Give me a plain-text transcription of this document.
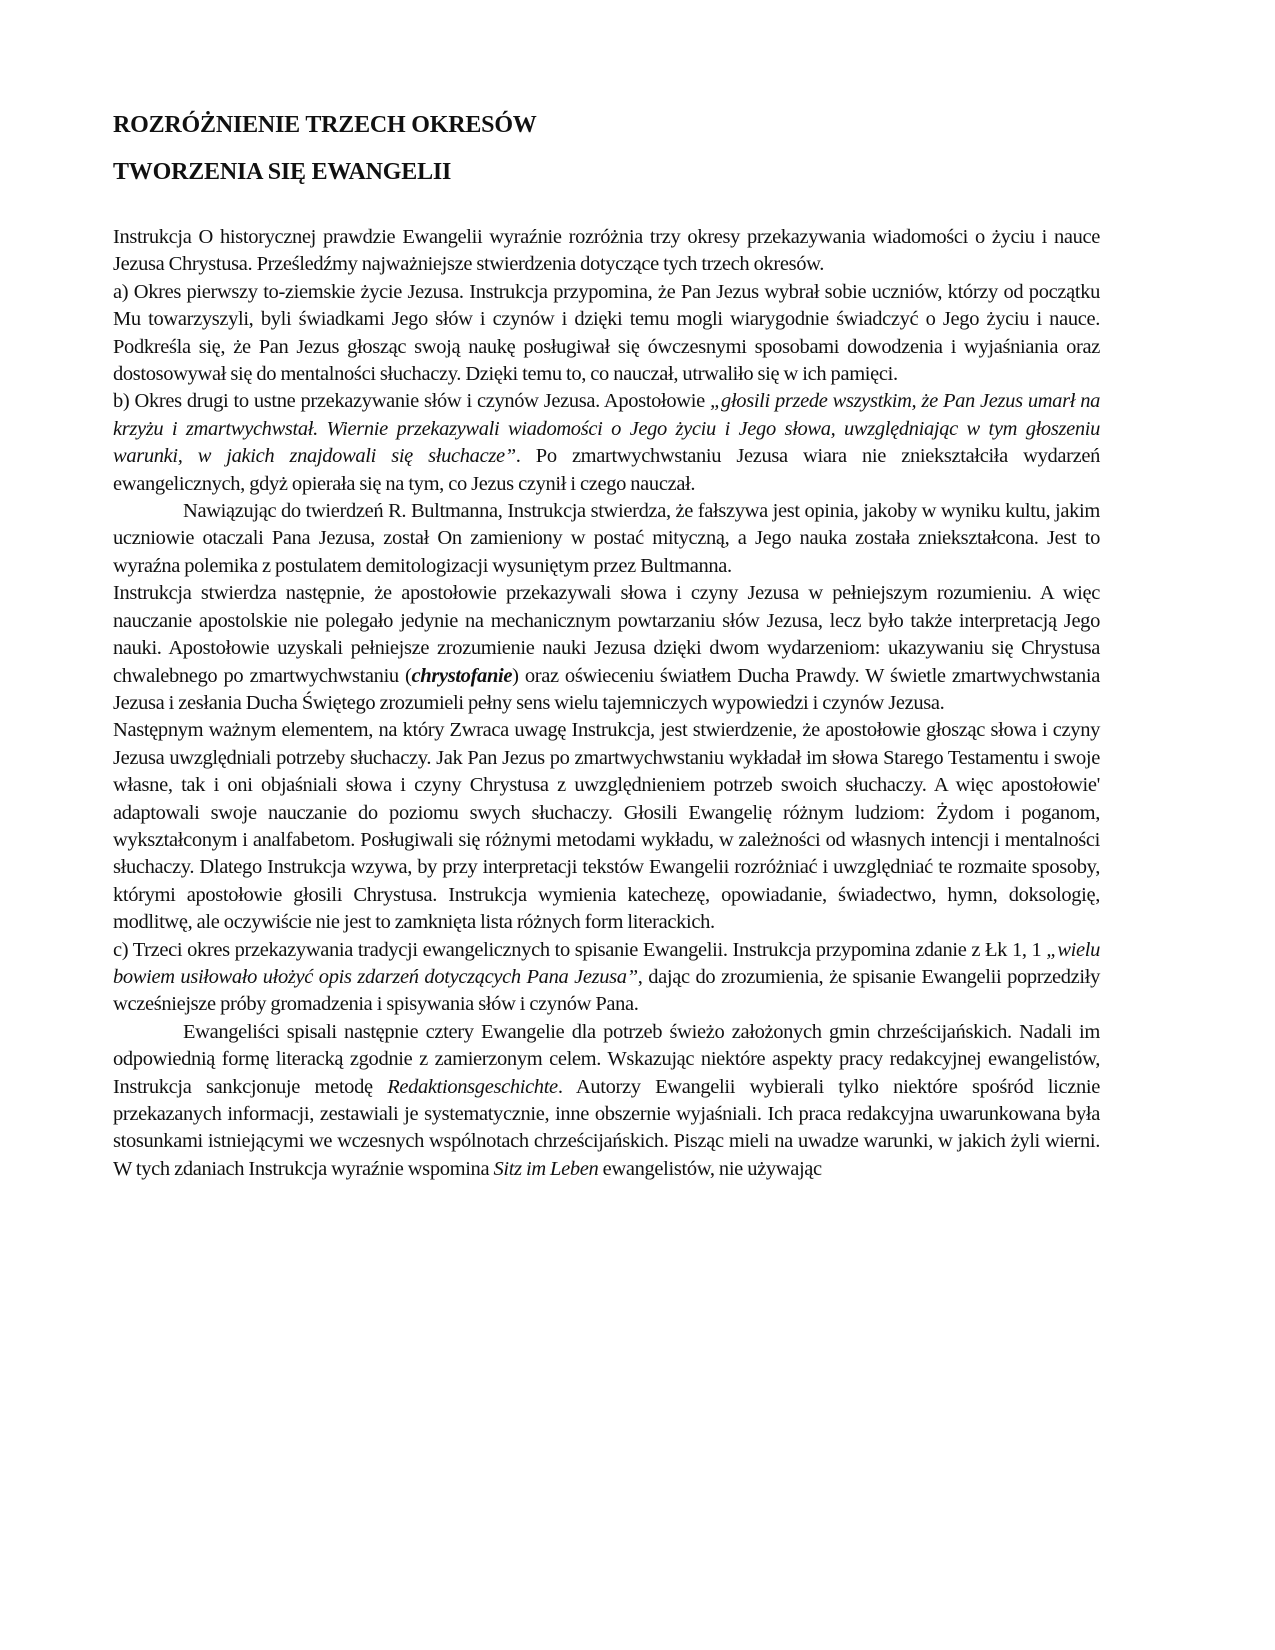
ROZRÓŻNIENIE TRZECH OKRESÓW
TWORZENIA SIĘ EWANGELII

Instrukcja O historycznej prawdzie Ewangelii wyraźnie rozróżnia trzy okresy przekazywania wiadomości o życiu i nauce Jezusa Chrystusa. Prześledźmy najważniejsze stwierdzenia dotyczące tych trzech okresów.

a) Okres pierwszy to-ziemskie życie Jezusa. Instrukcja przypomina, że Pan Jezus wybrał sobie uczniów, którzy od początku Mu towarzyszyli, byli świadkami Jego słów i czynów i dzięki temu mogli wiarygodnie świadczyć o Jego życiu i nauce. Podkreśla się, że Pan Jezus głosząc swoją naukę posługiwał się ówczesnymi sposobami dowodzenia i wyjaśniania oraz dostosowywał się do mentalności słuchaczy. Dzięki temu to, co nauczał, utrwaliło się w ich pamięci.

b) Okres drugi to ustne przekazywanie słów i czynów Jezusa. Apostołowie „głosili przede wszystkim, że Pan Jezus umarł na krzyżu i zmartwychwstał. Wiernie przekazywali wiadomości o Jego życiu i Jego słowa, uwzględniając w tym głoszeniu warunki, w jakich znajdowali się słuchacze”. Po zmartwychwstaniu Jezusa wiara nie zniekształciła wydarzeń ewangelicznych, gdyż opierała się na tym, co Jezus czynił i czego nauczał.

Nawiązując do twierdzeń R. Bultmanna, Instrukcja stwierdza, że fałszywa jest opinia, jakoby w wyniku kultu, jakim uczniowie otaczali Pana Jezusa, został On zamieniony w postać mityczną, a Jego nauka została zniekształcona. Jest to wyraźna polemika z postulatem demitologizacji wysuniętym przez Bultmanna.

Instrukcja stwierdza następnie, że apostołowie przekazywali słowa i czyny Jezusa w pełniejszym rozumieniu. A więc nauczanie apostolskie nie polegało jedynie na mechanicznym powtarzaniu słów Jezusa, lecz było także interpretacją Jego nauki. Apostołowie uzyskali pełniejsze zrozumienie nauki Jezusa dzięki dwom wydarzeniom: ukazywaniu się Chrystusa chwalebnego po zmartwychwstaniu (chrystofanie) oraz oświeceniu światłem Ducha Prawdy. W świetle zmartwychwstania Jezusa i zesłania Ducha Świętego zrozumieli pełny sens wielu tajemniczych wypowiedzi i czynów Jezusa.

Następnym ważnym elementem, na który Zwraca uwagę Instrukcja, jest stwierdzenie, że apostołowie głosząc słowa i czyny Jezusa uwzględniali potrzeby słuchaczy. Jak Pan Jezus po zmartwychwstaniu wykładał im słowa Starego Testamentu i swoje własne, tak i oni objaśniali słowa i czyny Chrystusa z uwzględnieniem potrzeb swoich słuchaczy. A więc apostołowie' adaptowali swoje nauczanie do poziomu swych słuchaczy. Głosili Ewangelię różnym ludziom: Żydom i poganom, wykształconym i analfabetom. Posługiwali się różnymi metodami wykładu, w zależności od własnych intencji i mentalności słuchaczy. Dlatego Instrukcja wzywa, by przy interpretacji tekstów Ewangelii rozróżniać i uwzględniać te rozmaite sposoby, którymi apostołowie głosili Chrystusa. Instrukcja wymienia katechezę, opowiadanie, świadectwo, hymn, doksologię, modlitwę, ale oczywiście nie jest to zamknięta lista różnych form literackich.

c) Trzeci okres przekazywania tradycji ewangelicznych to spisanie Ewangelii. Instrukcja przypomina zdanie z Łk 1, 1 „wielu bowiem usiłowało ułożyć opis zdarzeń dotyczących Pana Jezusa”, dając do zrozumienia, że spisanie Ewangelii poprzedziły wcześniejsze próby gromadzenia i spisywania słów i czynów Pana.

Ewangeliści spisali następnie cztery Ewangelie dla potrzeb świeżo założonych gmin chrześcijańskich. Nadali im odpowiednią formę literacką zgodnie z zamierzonym celem. Wskazując niektóre aspekty pracy redakcyjnej ewangelistów, Instrukcja sankcjonuje metodę Redaktionsgeschichte. Autorzy Ewangelii wybierali tylko niektóre spośród licznie przekazanych informacji, zestawiali je systematycznie, inne obszernie wyjaśniali. Ich praca redakcyjna uwarunkowana była stosunkami istniejącymi we wczesnych wspólnotach chrześcijańskich. Pisząc mieli na uwadze warunki, w jakich żyli wierni. W tych zdaniach Instrukcja wyraźnie wspomina Sitz im Leben ewangelistów, nie używając
